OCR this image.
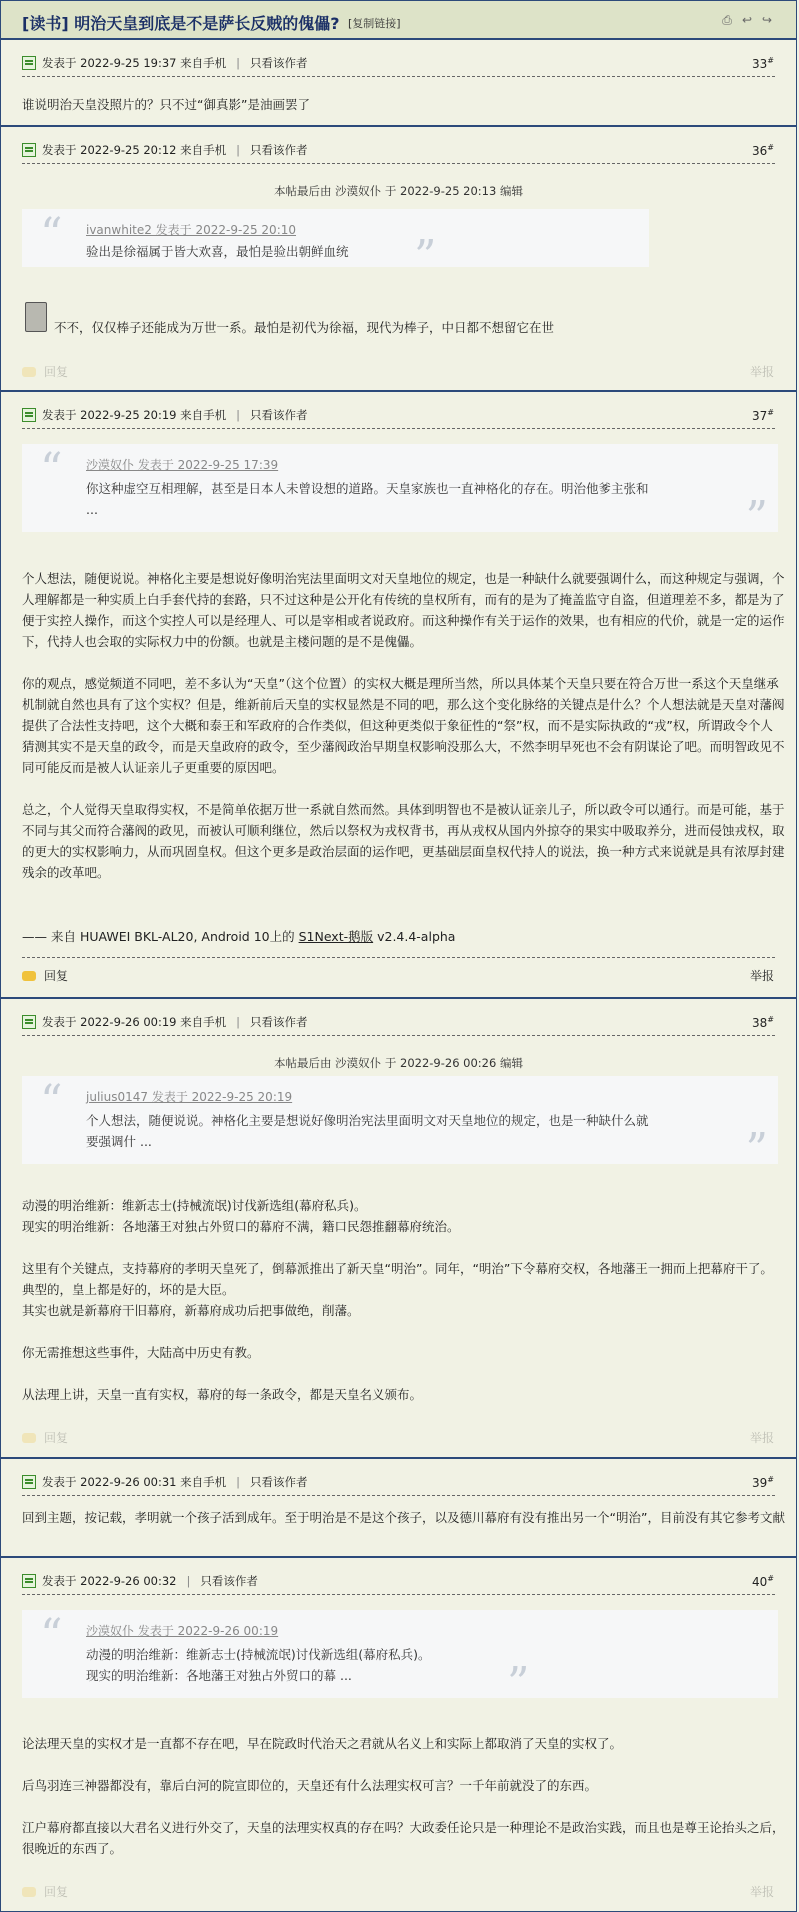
[读书] 明治天皇到底是不是萨长反贼的傀儡? [复制链接]	⎙ ↩ ↪
发表于 2022-9-25 19:37 来自手机 | 只看该作者	33#
谁说明治天皇没照片的？只不过“御真影”是油画罢了
发表于 2022-9-25 20:12 来自手机 | 只看该作者	36#
本帖最后由 沙漠奴仆 于 2022-9-25 20:13 编辑
“ ivanwhite2 发表于 2022-9-25 20:10
验出是徐福属于皆大欢喜，最怕是验出朝鲜血统 ”
不不，仅仅棒子还能成为万世一系。最怕是初代为徐福，现代为棒子，中日都不想留它在世
回复	举报
发表于 2022-9-25 20:19 来自手机 | 只看该作者	37#
“ 沙漠奴仆 发表于 2022-9-25 17:39
你这种虚空互相理解，甚至是日本人未曾设想的道路。天皇家族也一直神格化的存在。明治他爹主张和
...	”

个人想法，随便说说。神格化主要是想说好像明治宪法里面明文对天皇地位的规定，也是一种缺什么就要强调什么，而这种规定与强调，个人理解都是一种实质上白手套代持的套路，只不过这种是公开化有传统的皇权所有，而有的是为了掩盖监守自盗，但道理差不多，都是为了便于实控人操作，而这个实控人可以是经理人、可以是宰相或者说政府。而这种操作有关于运作的效果，也有相应的代价，就是一定的运作下，代持人也会取的实际权力中的份额。也就是主楼问题的是不是傀儡。

你的观点，感觉频道不同吧，差不多认为“天皇”（这个位置）的实权大概是理所当然，所以具体某个天皇只要在符合万世一系这个天皇继承机制就自然也具有了这个实权？但是，维新前后天皇的实权显然是不同的吧，那么这个变化脉络的关键点是什么？个人想法就是天皇对藩阀提供了合法性支持吧，这个大概和泰王和军政府的合作类似，但这种更类似于象征性的“祭”权，而不是实际执政的“戎”权，所谓政令个人猜测其实不是天皇的政令，而是天皇政府的政令，至少藩阀政治早期皇权影响没那么大，不然李明早死也不会有阴谋论了吧。而明智政见不同可能反而是被人认证亲儿子更重要的原因吧。

总之，个人觉得天皇取得实权，不是简单依据万世一系就自然而然。具体到明智也不是被认证亲儿子，所以政令可以通行。而是可能，基于不同与其父而符合藩阀的政见，而被认可顺利继位，然后以祭权为戎权背书，再从戎权从国内外掠夺的果实中吸取养分，进而侵蚀戎权，取的更大的实权影响力，从而巩固皇权。但这个更多是政治层面的运作吧，更基础层面皇权代持人的说法，换一种方式来说就是具有浓厚封建残余的改革吧。

—— 来自 HUAWEI BKL-AL20, Android 10上的 S1Next-鹅版 v2.4.4-alpha
回复	举报
发表于 2022-9-26 00:19 来自手机 | 只看该作者	38#
本帖最后由 沙漠奴仆 于 2022-9-26 00:26 编辑
“ julius0147 发表于 2022-9-25 20:19
个人想法，随便说说。神格化主要是想说好像明治宪法里面明文对天皇地位的规定，也是一种缺什么就
要强调什 ...	”

动漫的明治维新：维新志士(持械流氓)讨伐新选组(幕府私兵)。
现实的明治维新：各地藩王对独占外贸口的幕府不满，籍口民怨推翻幕府统治。

这里有个关键点，支持幕府的孝明天皇死了，倒幕派推出了新天皇“明治”。同年，“明治”下令幕府交权，各地藩王一拥而上把幕府干了。典型的，皇上都是好的，坏的是大臣。
其实也就是新幕府干旧幕府，新幕府成功后把事做绝，削藩。

你无需推想这些事件，大陆高中历史有教。

从法理上讲，天皇一直有实权，幕府的每一条政令，都是天皇名义颁布。

回复	举报
发表于 2022-9-26 00:31 来自手机 | 只看该作者	39#
回到主题，按记载，孝明就一个孩子活到成年。至于明治是不是这个孩子，以及德川幕府有没有推出另一个“明治”，目前没有其它参考文献
发表于 2022-9-26 00:32 | 只看该作者	40#
“ 沙漠奴仆 发表于 2022-9-26 00:19
动漫的明治维新：维新志士(持械流氓)讨伐新选组(幕府私兵)。
现实的明治维新：各地藩王对独占外贸口的幕 ...	”

论法理天皇的实权才是一直都不存在吧，早在院政时代治天之君就从名义上和实际上都取消了天皇的实权了。

后鸟羽连三神器都没有，靠后白河的院宣即位的，天皇还有什么法理实权可言？一千年前就没了的东西。

江户幕府都直接以大君名义进行外交了，天皇的法理实权真的存在吗？大政委任论只是一种理论不是政治实践，而且也是尊王论抬头之后，很晚近的东西了。

回复	举报
